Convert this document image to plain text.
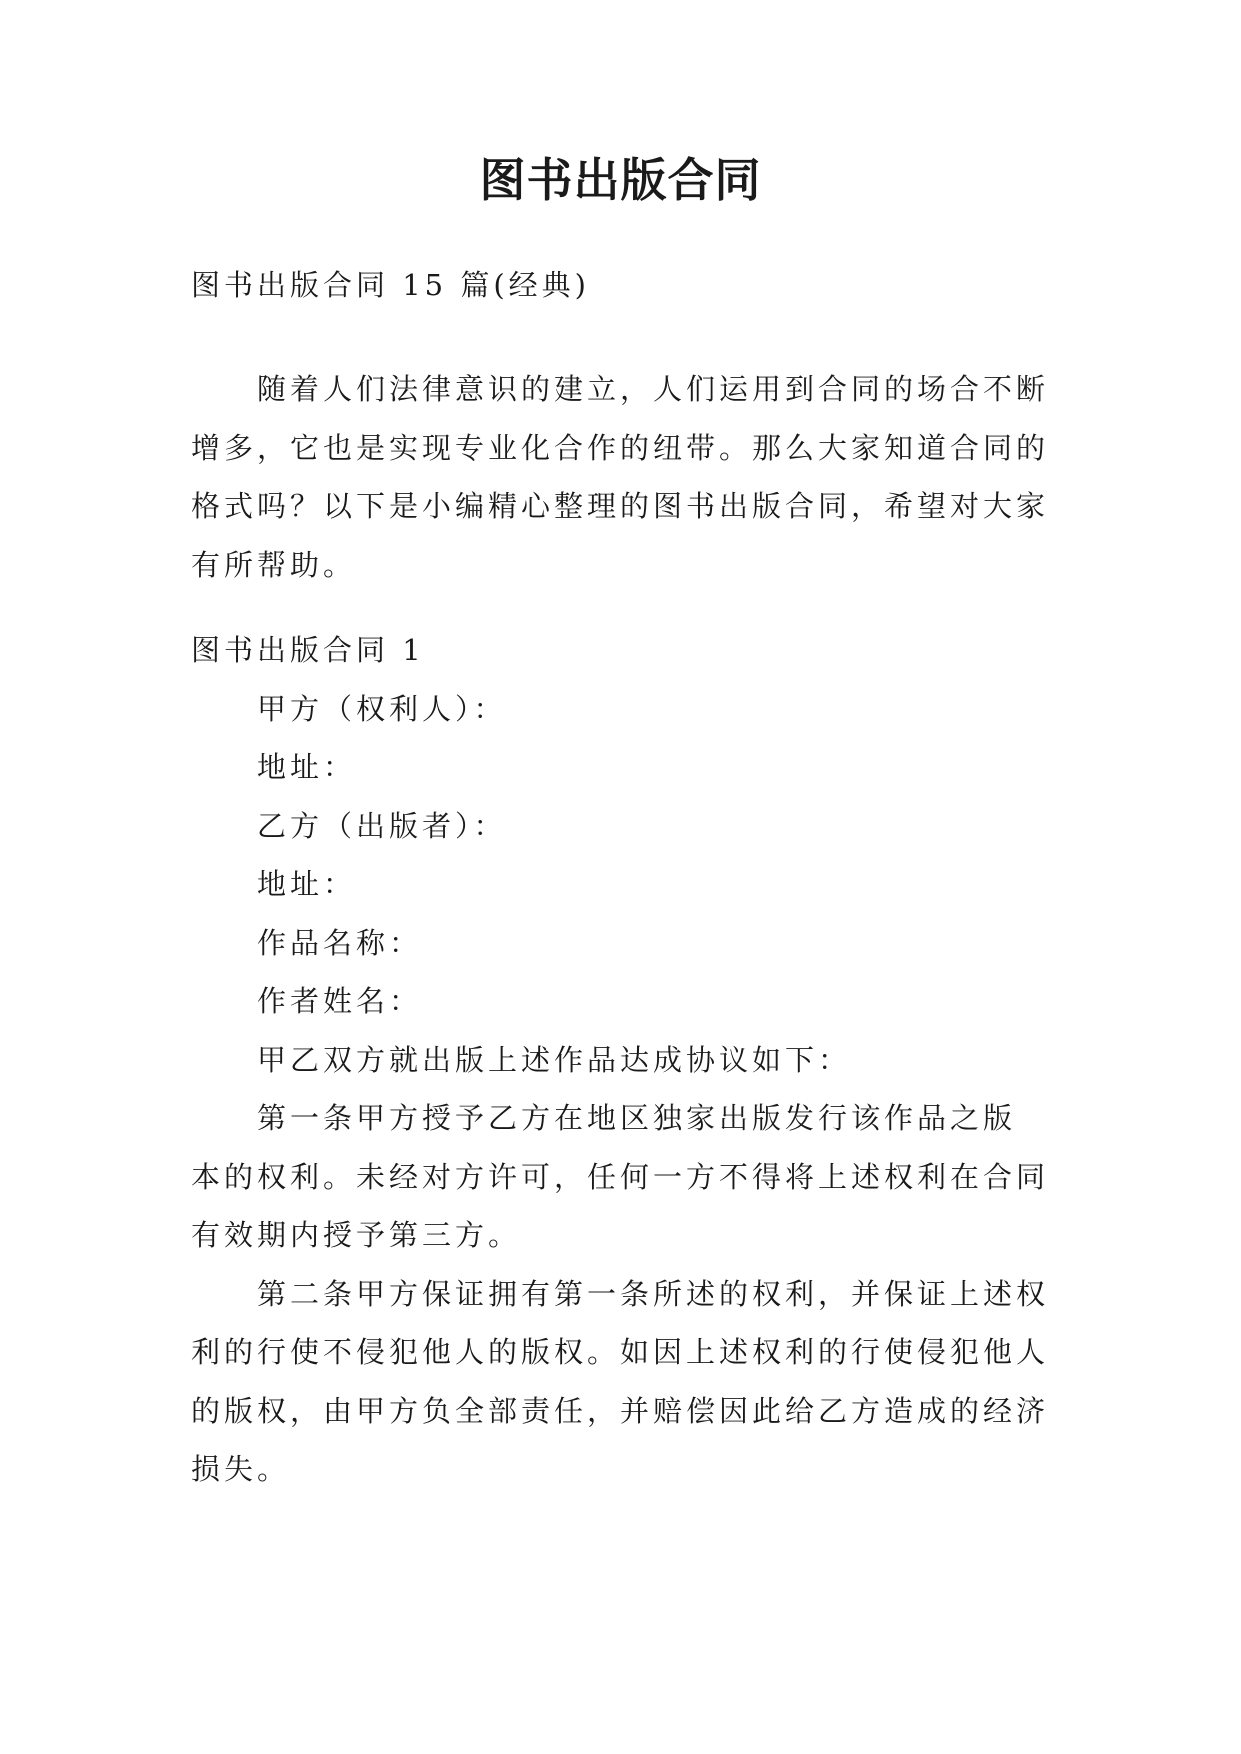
图书出版合同
图书出版合同 15 篇(经典)
随着人们法律意识的建立，人们运用到合同的场合不断
增多，它也是实现专业化合作的纽带。那么大家知道合同的
格式吗？以下是小编精心整理的图书出版合同，希望对大家
有所帮助。
图书出版合同 1
甲方（权利人）：
地址：
乙方（出版者）：
地址：
作品名称：
作者姓名：
甲乙双方就出版上述作品达成协议如下：
第一条甲方授予乙方在地区独家出版发行该作品之版
本的权利。未经对方许可，任何一方不得将上述权利在合同
有效期内授予第三方。
第二条甲方保证拥有第一条所述的权利，并保证上述权
利的行使不侵犯他人的版权。如因上述权利的行使侵犯他人
的版权，由甲方负全部责任，并赔偿因此给乙方造成的经济
损失。
